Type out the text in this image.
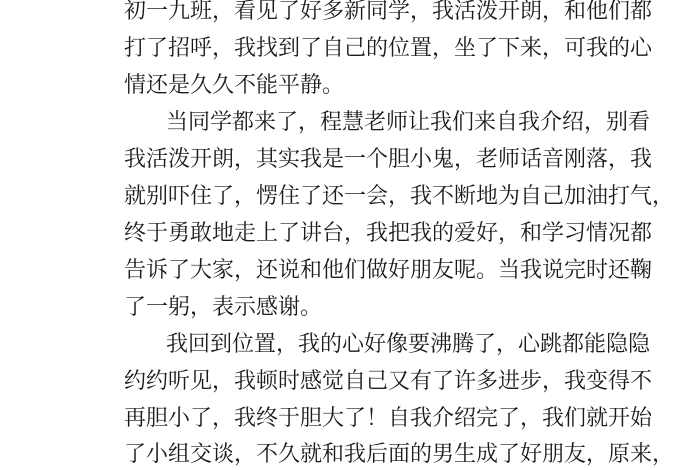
初一九班，看见了好多新同学，我活泼开朗，和他们都
打了招呼，我找到了自己的位置，坐了下来，可我的心
情还是久久不能平静。
当同学都来了，程慧老师让我们来自我介绍，别看
我活泼开朗，其实我是一个胆小鬼，老师话音刚落，我
就别吓住了，愣住了还一会，我不断地为自己加油打气，
终于勇敢地走上了讲台，我把我的爱好，和学习情况都
告诉了大家，还说和他们做好朋友呢。当我说完时还鞠
了一躬，表示感谢。
我回到位置，我的心好像要沸腾了，心跳都能隐隐
约约听见，我顿时感觉自己又有了许多进步，我变得不
再胆小了，我终于胆大了！自我介绍完了，我们就开始
了小组交谈，不久就和我后面的男生成了好朋友，原来，
